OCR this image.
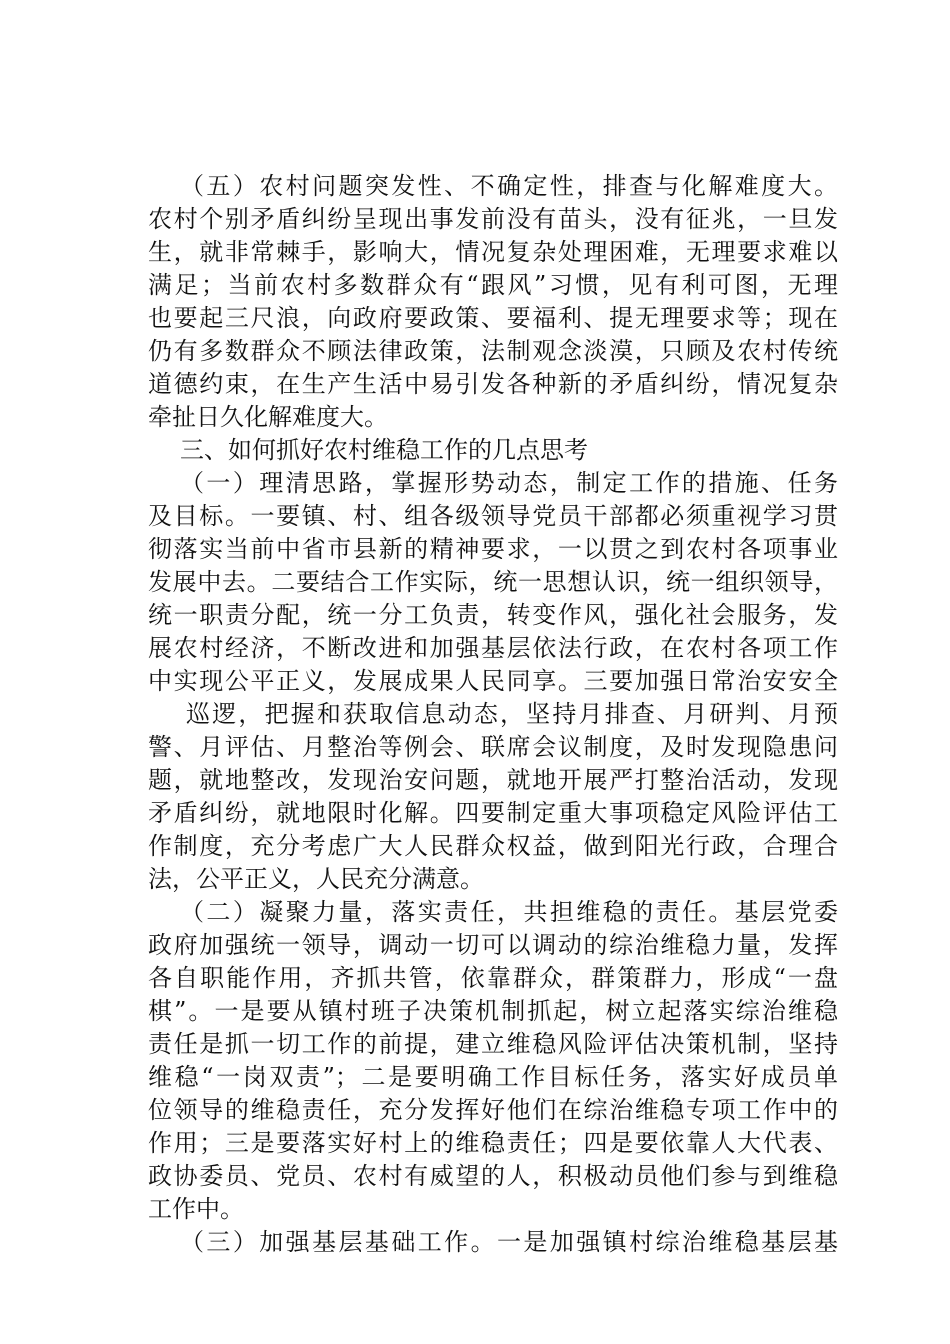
（五）农村问题突发性、不确定性，排查与化解难度大。

农村个别矛盾纠纷呈现出事发前没有苗头，没有征兆，一旦发

生，就非常棘手，影响大，情况复杂处理困难，无理要求难以

满足；当前农村多数群众有“跟风”习惯，见有利可图，无理

也要起三尺浪，向政府要政策、要福利、提无理要求等；现在

仍有多数群众不顾法律政策，法制观念淡漠，只顾及农村传统

道德约束，在生产生活中易引发各种新的矛盾纠纷，情况复杂

牵扯日久化解难度大。

三、如何抓好农村维稳工作的几点思考

（一）理清思路，掌握形势动态，制定工作的措施、任务

及目标。一要镇、村、组各级领导党员干部都必须重视学习贯

彻落实当前中省市县新的精神要求，一以贯之到农村各项事业

发展中去。二要结合工作实际，统一思想认识，统一组织领导，

统一职责分配，统一分工负责，转变作风，强化社会服务，发

展农村经济，不断改进和加强基层依法行政，在农村各项工作

中实现公平正义，发展成果人民同享。三要加强日常治安安全

巡逻，把握和获取信息动态，坚持月排查、月研判、月预

警、月评估、月整治等例会、联席会议制度，及时发现隐患问

题，就地整改，发现治安问题，就地开展严打整治活动，发现

矛盾纠纷，就地限时化解。四要制定重大事项稳定风险评估工

作制度，充分考虑广大人民群众权益，做到阳光行政，合理合

法，公平正义，人民充分满意。

（二）凝聚力量，落实责任，共担维稳的责任。基层党委

政府加强统一领导，调动一切可以调动的综治维稳力量，发挥

各自职能作用，齐抓共管，依靠群众，群策群力，形成“一盘

棋”。一是要从镇村班子决策机制抓起，树立起落实综治维稳

责任是抓一切工作的前提，建立维稳风险评估决策机制，坚持

维稳“一岗双责”；二是要明确工作目标任务，落实好成员单

位领导的维稳责任，充分发挥好他们在综治维稳专项工作中的

作用；三是要落实好村上的维稳责任；四是要依靠人大代表、

政协委员、党员、农村有威望的人，积极动员他们参与到维稳

工作中。

（三）加强基层基础工作。一是加强镇村综治维稳基层基
